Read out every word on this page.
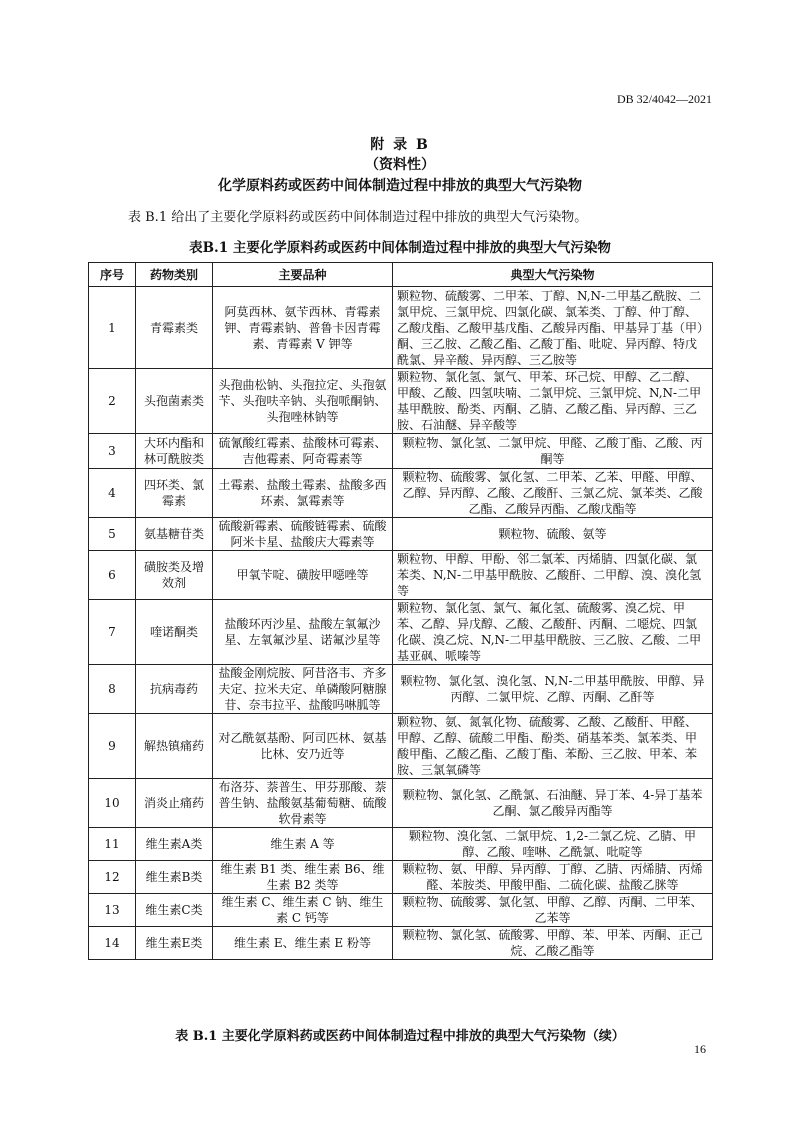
DB 32/4042—2021
附 录 B
（资料性）
化学原料药或医药中间体制造过程中排放的典型大气污染物
表 B.1 给出了主要化学原料药或医药中间体制造过程中排放的典型大气污染物。
表B.1 主要化学原料药或医药中间体制造过程中排放的典型大气污染物
序号	药物类别	主要品种	典型大气污染物
1	青霉素类	阿莫西林、氨苄西林、青霉素钾、青霉素钠、普鲁卡因青霉素、青霉素 V 钾等	颗粒物、硫酸雾、二甲苯、丁醇、N,N-二甲基乙酰胺、二氯甲烷、三氯甲烷、四氯化碳、氯苯类、丁醇、仲丁醇、乙酸戊酯、乙酸甲基戊酯、乙酸异丙酯、甲基异丁基（甲）酮、三乙胺、乙酸乙酯、乙酸丁酯、吡啶、异丙醇、特戊酰氯、异辛酸、异丙醇、三乙胺等
2	头孢菌素类	头孢曲松钠、头孢拉定、头孢氨苄、头孢呋辛钠、头孢哌酮钠、头孢唑林钠等	颗粒物、氯化氢、氯气、甲苯、环己烷、甲醇、乙二醇、甲酸、乙酸、四氢呋喃、二氯甲烷、三氯甲烷、N,N-二甲基甲酰胺、酚类、丙酮、乙腈、乙酸乙酯、异丙醇、三乙胺、石油醚、异辛酸等
3	大环内酯和林可酰胺类	硫氰酸红霉素、盐酸林可霉素、吉他霉素、阿奇霉素等	颗粒物、氯化氢、二氯甲烷、甲醛、乙酸丁酯、乙酸、丙酮等
4	四环类、氯霉素	土霉素、盐酸土霉素、盐酸多西环素、氯霉素等	颗粒物、硫酸雾、氯化氢、二甲苯、乙苯、甲醛、甲醇、乙醇、异丙醇、乙酸、乙酸酐、三氯乙烷、氯苯类、乙酸乙酯、乙酸异丙酯、乙酸戊酯等
5	氨基糖苷类	硫酸新霉素、硫酸链霉素、硫酸阿米卡星、盐酸庆大霉素等	颗粒物、硫酸、氨等
6	磺胺类及增效剂	甲氧苄啶、磺胺甲噁唑等	颗粒物、甲醇、甲酚、邻二氯苯、丙烯腈、四氯化碳、氯苯类、N,N-二甲基甲酰胺、乙酸酐、二甲醇、溴、溴化氢等
7	喹诺酮类	盐酸环丙沙星、盐酸左氧氟沙星、左氧氟沙星、诺氟沙星等	颗粒物、氯化氢、氯气、氟化氢、硫酸雾、溴乙烷、甲苯、乙醇、异戊醇、乙酸、乙酸酐、丙酮、二噁烷、四氯化碳、溴乙烷、N,N-二甲基甲酰胺、三乙胺、乙酸、二甲基亚砜、哌嗪等
8	抗病毒药	盐酸金刚烷胺、阿昔洛韦、齐多夫定、拉米夫定、单磷酸阿糖腺苷、奈韦拉平、盐酸吗啉胍等	颗粒物、氯化氢、溴化氢、N,N-二甲基甲酰胺、甲醇、异丙醇、二氯甲烷、乙醇、丙酮、乙酐等
9	解热镇痛药	对乙酰氨基酚、阿司匹林、氨基比林、安乃近等	颗粒物、氨、氮氧化物、硫酸雾、乙酸、乙酸酐、甲醛、甲醇、乙醇、硫酸二甲酯、酚类、硝基苯类、氯苯类、甲酸甲酯、乙酸乙酯、乙酸丁酯、苯酚、三乙胺、甲苯、苯胺、三氯氧磷等
10	消炎止痛药	布洛芬、萘普生、甲芬那酸、萘普生钠、盐酸氨基葡萄糖、硫酸软骨素等	颗粒物、氯化氢、乙酰氯、石油醚、异丁苯、4-异丁基苯乙酮、氯乙酸异丙酯等
11	维生素A类	维生素 A 等	颗粒物、溴化氢、二氯甲烷、1,2-二氯乙烷、乙腈、甲醇、乙酸、喹啉、乙酰氯、吡啶等
12	维生素B类	维生素 B1 类、维生素 B6、维生素 B2 类等	颗粒物、氨、甲醇、异丙醇、丁醇、乙腈、丙烯腈、丙烯醛、苯胺类、甲酸甲酯、二硫化碳、盐酸乙脒等
13	维生素C类	维生素 C、维生素 C 钠、维生素 C 钙等	颗粒物、硫酸雾、氯化氢、甲醇、乙醇、丙酮、二甲苯、乙苯等
14	维生素E类	维生素 E、维生素 E 粉等	颗粒物、氯化氢、硫酸雾、甲醇、苯、甲苯、丙酮、正己烷、乙酸乙酯等
表 B.1 主要化学原料药或医药中间体制造过程中排放的典型大气污染物（续）
16
